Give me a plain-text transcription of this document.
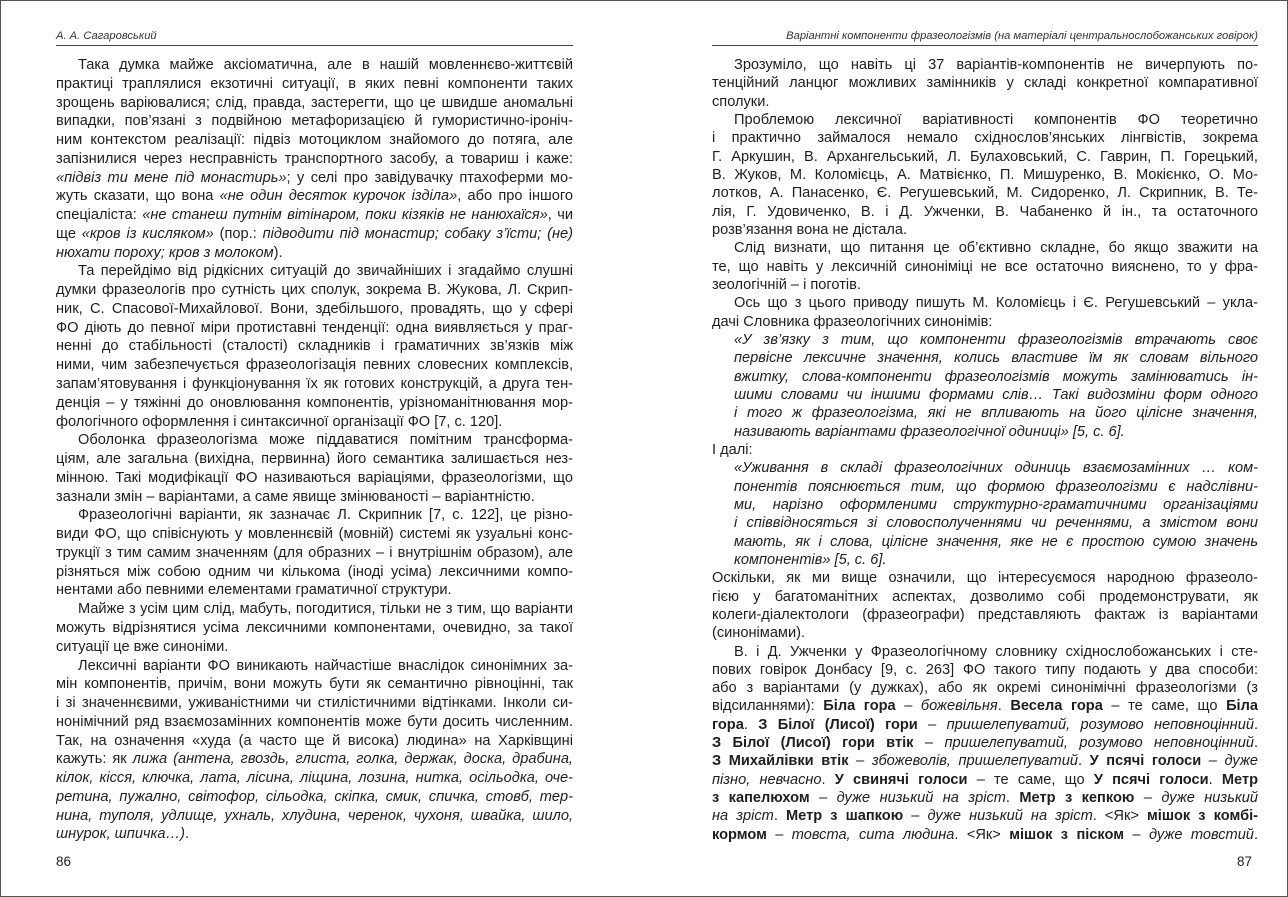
А. А. Сагаровський
Така думка майже аксіоматична, але в нашій мовленнєво-життєвій
практиці траплялися екзотичні ситуації, в яких певні компоненти таких
зрощень варіювалися; слід, правда, застерегти, що це швидше аномальні
випадки, пов’язані з подвійною метафоризацією й гумористично-іроніч-
ним контекстом реалізації: підвіз мотоциклом знайомого до потяга, але
запізнилися через несправність транспортного засобу, а товариш і каже:
«підвіз ти мене під монастирь»; у селі про завідувачку птахоферми мо-
жуть сказати, що вона «не один десяток курочок ізділа», або про іншого
спеціаліста: «не станеш путнім вітінаром, поки кізяків не нанюхаїся», чи
ще «кров із кисляком» (пор.: підводити під монастир; собаку з’їсти; (не)
нюхати пороху; кров з молоком).
Та перейдімо від рідкісних ситуацій до звичайніших і згадаймо слушні
думки фразеологів про сутність цих сполук, зокрема В. Жукова, Л. Скрип-
ник, С. Спасової-Михайлової. Вони, здебільшого, провадять, що у сфері
ФО діють до певної міри протиставні тенденції: одна виявляється у праг-
ненні до стабільності (сталості) складників і граматичних зв’язків між
ними, чим забезпечується фразеологізація певних словесних комплексів,
запам’ятовування і функціонування їх як готових конструкцій, а друга тен-
денція – у тяжінні до оновлювання компонентів, урізноманітнювання мор-
фологічного оформлення і синтаксичної організації ФО [7, с. 120].
Оболонка фразеологізма може піддаватися помітним трансформа-
ціям, але загальна (вихідна, первинна) його семантика залишається нез-
мінною. Такі модифікації ФО називаються варіаціями, фразеологізми, що
зазнали змін – варіантами, а саме явище змінюваності – варіантністю.
Фразеологічні варіанти, як зазначає Л. Скрипник [7, с. 122], це різно-
види ФО, що співіснують у мовленнєвій (мовній) системі як узуальні конс-
трукції з тим самим значенням (для образних – і внутрішнім образом), але
різняться між собою одним чи кількома (іноді усіма) лексичними компо-
нентами або певними елементами граматичної структури.
Майже з усім цим слід, мабуть, погодитися, тільки не з тим, що варіанти
можуть відрізнятися усіма лексичними компонентами, очевидно, за такої
ситуації це вже синоніми.
Лексичні варіанти ФО виникають найчастіше внаслідок синонімних за-
мін компонентів, причім, вони можуть бути як семантично рівноцінні, так
і зі значеннєвими, уживаністними чи стилістичними відтінками. Інколи си-
нонімічний ряд взаємозамінних компонентів може бути досить численним.
Так, на означення «худа (а часто ще й висока) людина» на Харківщині
кажуть: як лижа (антена, гвоздь, глиста, голка, держак, доска, драбина,
кілок, кісся, ключка, лата, лісина, ліщина, лозина, нитка, осільодка, оче-
ретина, пужално, світофор, сільодка, скіпка, смик, спичка, стовб, тер-
нина, туполя, удлище, ухналь, хлудина, черенок, чухоня, швайка, шило,
шнурок, шпичка…).
86
Варіантні компоненти фразеологізмів (на матеріалі центральнослобожанських говірок)
Зрозуміло, що навіть ці 37 варіантів-компонентів не вичерпують по-
тенційний ланцюг можливих замінників у складі конкретної компаративної
сполуки.
Проблемою лексичної варіативності компонентів ФО теоретично
і практично займалося немало східнослов’янських лінгвістів, зокрема
Г. Аркушин, В. Архангельський, Л. Булаховський, С. Гаврин, П. Горецький,
В. Жуков, М. Коломієць, А. Матвієнко, П. Мишуренко, В. Мокієнко, О. Мо-
лотков, А. Панасенко, Є. Регушевський, М. Сидоренко, Л. Скрипник, В. Те-
лія, Г. Удовиченко, В. і Д. Ужченки, В. Чабаненко й ін., та остаточного
розв’язання вона не дістала.
Слід визнати, що питання це об’єктивно складне, бо якщо зважити на
те, що навіть у лексичній синоніміці не все остаточно вияснено, то у фра-
зеологічній – і поготів.
Ось що з цього приводу пишуть М. Коломієць і Є. Регушевський – укла-
дачі Словника фразеологічних синонімів:
«У зв’язку з тим, що компоненти фразеологізмів втрачають своє
первісне лексичне значення, колись властиве їм як словам вільного
вжитку, слова-компоненти фразеологізмів можуть замінюватись ін-
шими словами чи іншими формами слів… Такі видозміни форм одного
і того ж фразеологізма, які не впливають на його цілісне значення,
називають варіантами фразеологічної одиниці» [5, с. 6].
І далі:
«Уживання в складі фразеологічних одиниць взаємозамінних … ком-
понентів пояснюється тим, що формою фразеологізми є надслівни-
ми, нарізно оформленими структурно-граматичними організаціями
і співвідносяться зі словосполученнями чи реченнями, а змістом вони
мають, як і слова, цілісне значення, яке не є простою сумою значень
компонентів» [5, с. 6].
Оскільки, як ми вище означили, що інтересуємося народною фразеоло-
гією у багатоманітних аспектах, дозволимо собі продемонструвати, як
колеги-діалектологи (фразеографи) представляють фактаж із варіантами
(синонімами).
В. і Д. Ужченки у Фразеологічному словнику східнослобожанських і сте-
пових говірок Донбасу [9, с. 263] ФО такого типу подають у два способи:
або з варіантами (у дужках), або як окремі синонімічні фразеологізми (з
відсиланнями): Біла гора – божевільня. Весела гора – те саме, що Біла
гора. З Білої (Лисої) гори – пришелепуватий, розумово неповноцінний.
З Білої (Лисої) гори втік – пришелепуватий, розумово неповноцінний.
З Михайлівки втік – збожеволів, пришелепуватий. У псячі голоси – дуже
пізно, невчасно. У свинячі голоси – те саме, що У псячі голоси. Метр
з капелюхом – дуже низький на зріст. Метр з кепкою – дуже низький
на зріст. Метр з шапкою – дуже низький на зріст. <Як> мішок з комбі-
кормом – товста, сита людина. <Як> мішок з піском – дуже товстий.
87
